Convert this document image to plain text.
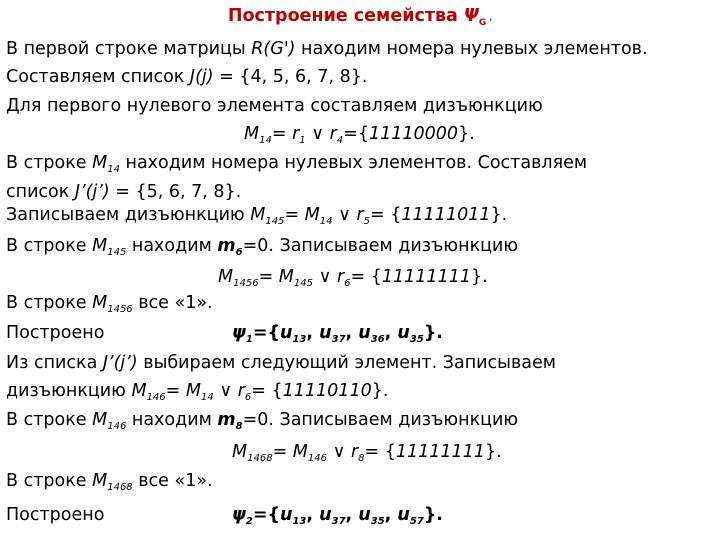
Построение семейства $\Psi_{G '}$
В первой строке матрицы R(G') находим номера нулевых элементов.
Составляем список J(j) = {4, 5, 6, 7, 8}.
Для первого нулевого элемента составляем дизъюнкцию
$M_{14}= r_1$ ∨ $r_4=\{11110000\}$.
В строке $M_{14}$ находим номера нулевых элементов. Составляем
список J’(j’) = {5, 6, 7, 8}.
Записываем дизъюнкцию $M_{145}= M_{14}$ ∨ $r_5= \{11111011\}$.
В строке $M_{145}$ находим $m_6=0$. Записываем дизъюнкцию
$M_{1456}= M_{145}$ ∨ $r_6= \{11111111\}$.
В строке $M_{1456}$ все «1».
Построено	$\psi_1=\{u_{13}$, $u_{37}$, $u_{36}$, $u_{35}$}.
Из списка J’(j’) выбираем следующий элемент. Записываем
дизъюнкцию $M_{146}= M_{14}$ ∨ $r_6= \{11110110\}$.
В строке $M_{146}$ находим $m_8=0$. Записываем дизъюнкцию
$M_{1468}= M_{146}$ ∨ $r_8= \{11111111\}$.
В строке $M_{1468}$ все «1».
Построено	$\psi_2=\{u_{13}$, $u_{37}$, $u_{35}$, $u_{57}$}.
